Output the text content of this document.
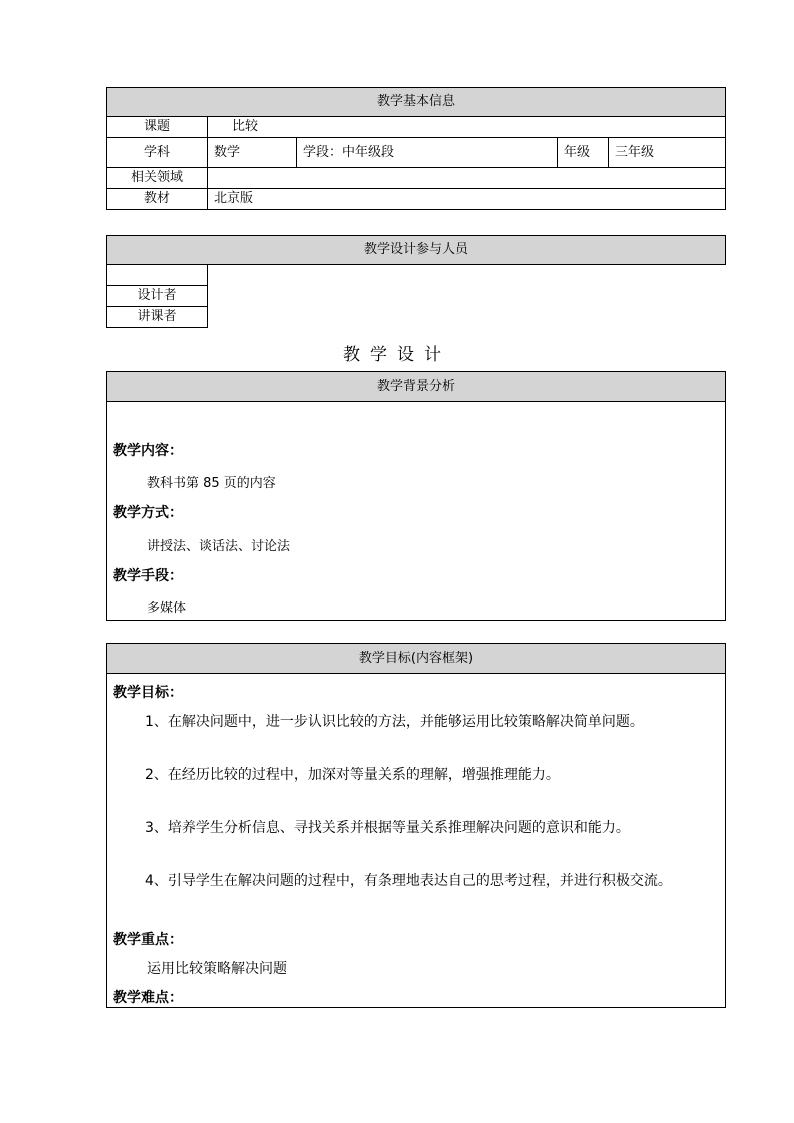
教学基本信息				
课题	比较			
学科	数学	学段：中年级段	年级	三年级
相关领域				
教材	北京版			
教学设计参与人员	

设计者	
讲课者	
教学设计
教学背景分析
教学内容：
教科书第 85 页的内容
教学方式：
讲授法、谈话法、讨论法
教学手段：
多媒体
教学目标(内容框架)
教学目标：
1、在解决问题中，进一步认识比较的方法，并能够运用比较策略解决简单问题。
2、在经历比较的过程中，加深对等量关系的理解，增强推理能力。
3、培养学生分析信息、寻找关系并根据等量关系推理解决问题的意识和能力。
4、引导学生在解决问题的过程中，有条理地表达自己的思考过程，并进行积极交流。
教学重点：
运用比较策略解决问题
教学难点：
